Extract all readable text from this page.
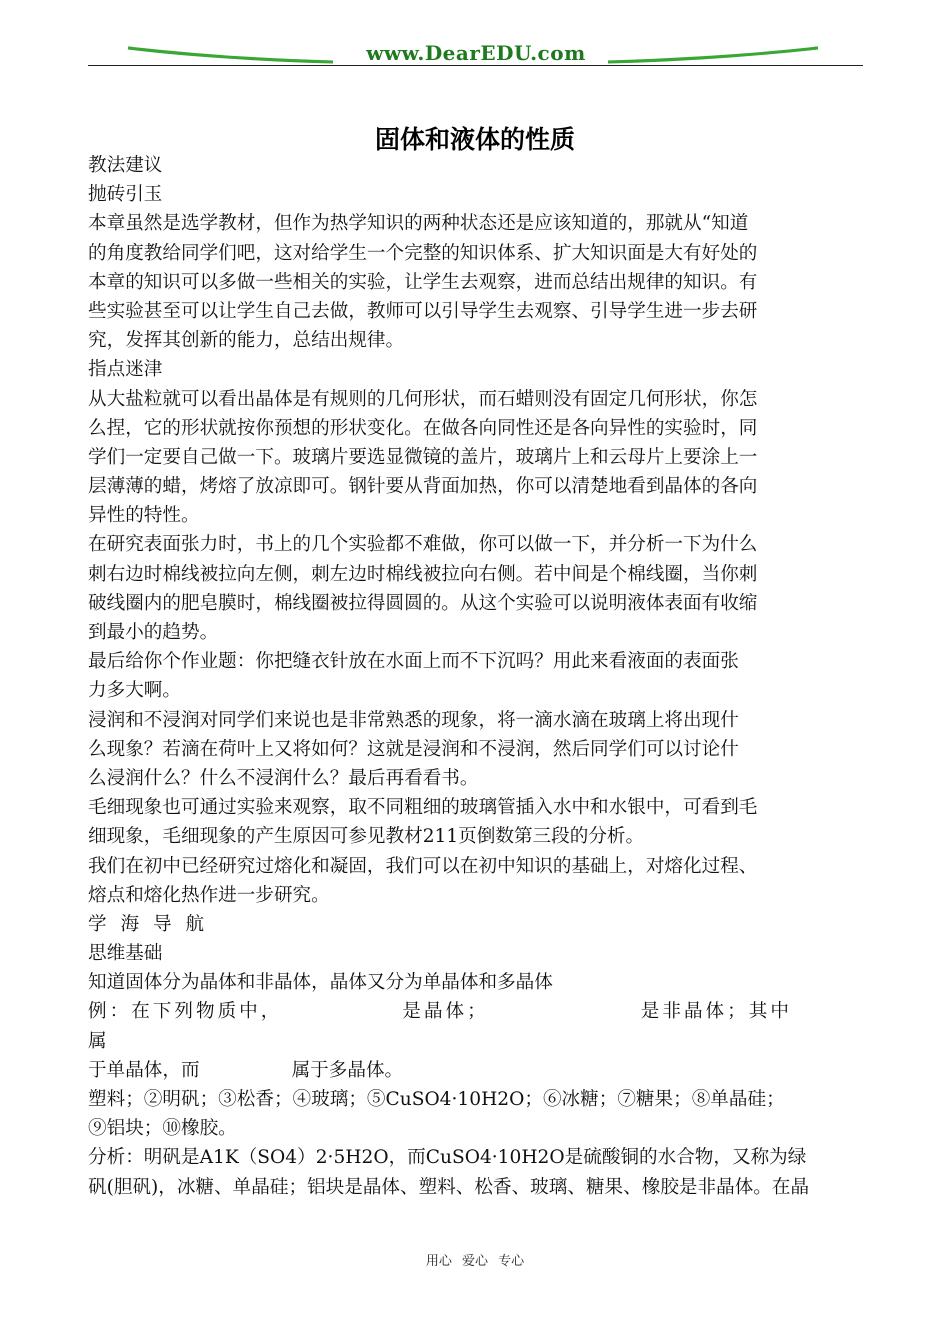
www.DearEDU.com
固体和液体的性质
教法建议
抛砖引玉
本章虽然是选学教材，但作为热学知识的两种状态还是应该知道的，那就从“知道
的角度教给同学们吧，这对给学生一个完整的知识体系、扩大知识面是大有好处的
本章的知识可以多做一些相关的实验，让学生去观察，进而总结出规律的知识。有
些实验甚至可以让学生自己去做，教师可以引导学生去观察、引导学生进一步去研
究，发挥其创新的能力，总结出规律。
指点迷津
从大盐粒就可以看出晶体是有规则的几何形状，而石蜡则没有固定几何形状，你怎
么捏，它的形状就按你预想的形状变化。在做各向同性还是各向异性的实验时，同
学们一定要自己做一下。玻璃片要选显微镜的盖片，玻璃片上和云母片上要涂上一
层薄薄的蜡，烤熔了放凉即可。钢针要从背面加热，你可以清楚地看到晶体的各向
异性的特性。
在研究表面张力时，书上的几个实验都不难做，你可以做一下，并分析一下为什么
刺右边时棉线被拉向左侧，刺左边时棉线被拉向右侧。若中间是个棉线圈，当你刺
破线圈内的肥皂膜时，棉线圈被拉得圆圆的。从这个实验可以说明液体表面有收缩
到最小的趋势。
最后给你个作业题：你把缝衣针放在水面上而不下沉吗？用此来看液面的表面张
力多大啊。
浸润和不浸润对同学们来说也是非常熟悉的现象，将一滴水滴在玻璃上将出现什
么现象？若滴在荷叶上又将如何？这就是浸润和不浸润，然后同学们可以讨论什
么浸润什么？什么不浸润什么？最后再看看书。
毛细现象也可通过实验来观察，取不同粗细的玻璃管插入水中和水银中，可看到毛
细现象，毛细现象的产生原因可参见教材211页倒数第三段的分析。
我们在初中已经研究过熔化和凝固，我们可以在初中知识的基础上，对熔化过程、
熔点和熔化热作进一步研究。
学 海 导 航
思维基础
知道固体分为晶体和非晶体，晶体又分为单晶体和多晶体
例：在下列物质中，	是晶体；	是非晶体；其中
属
于单晶体，而	属于多晶体。
塑料；②明矾；③松香；④玻璃；⑤CuSO4·10H2O；⑥冰糖；⑦糖果；⑧单晶硅；
⑨铝块；⑩橡胶。
分析：明矾是A1K（SO4）2·5H2O，而CuSO4·10H2O是硫酸铜的水合物，又称为绿
矾(胆矾)，冰糖、单晶硅；铝块是晶体、塑料、松香、玻璃、糖果、橡胶是非晶体。在晶
用心 爱心 专心
